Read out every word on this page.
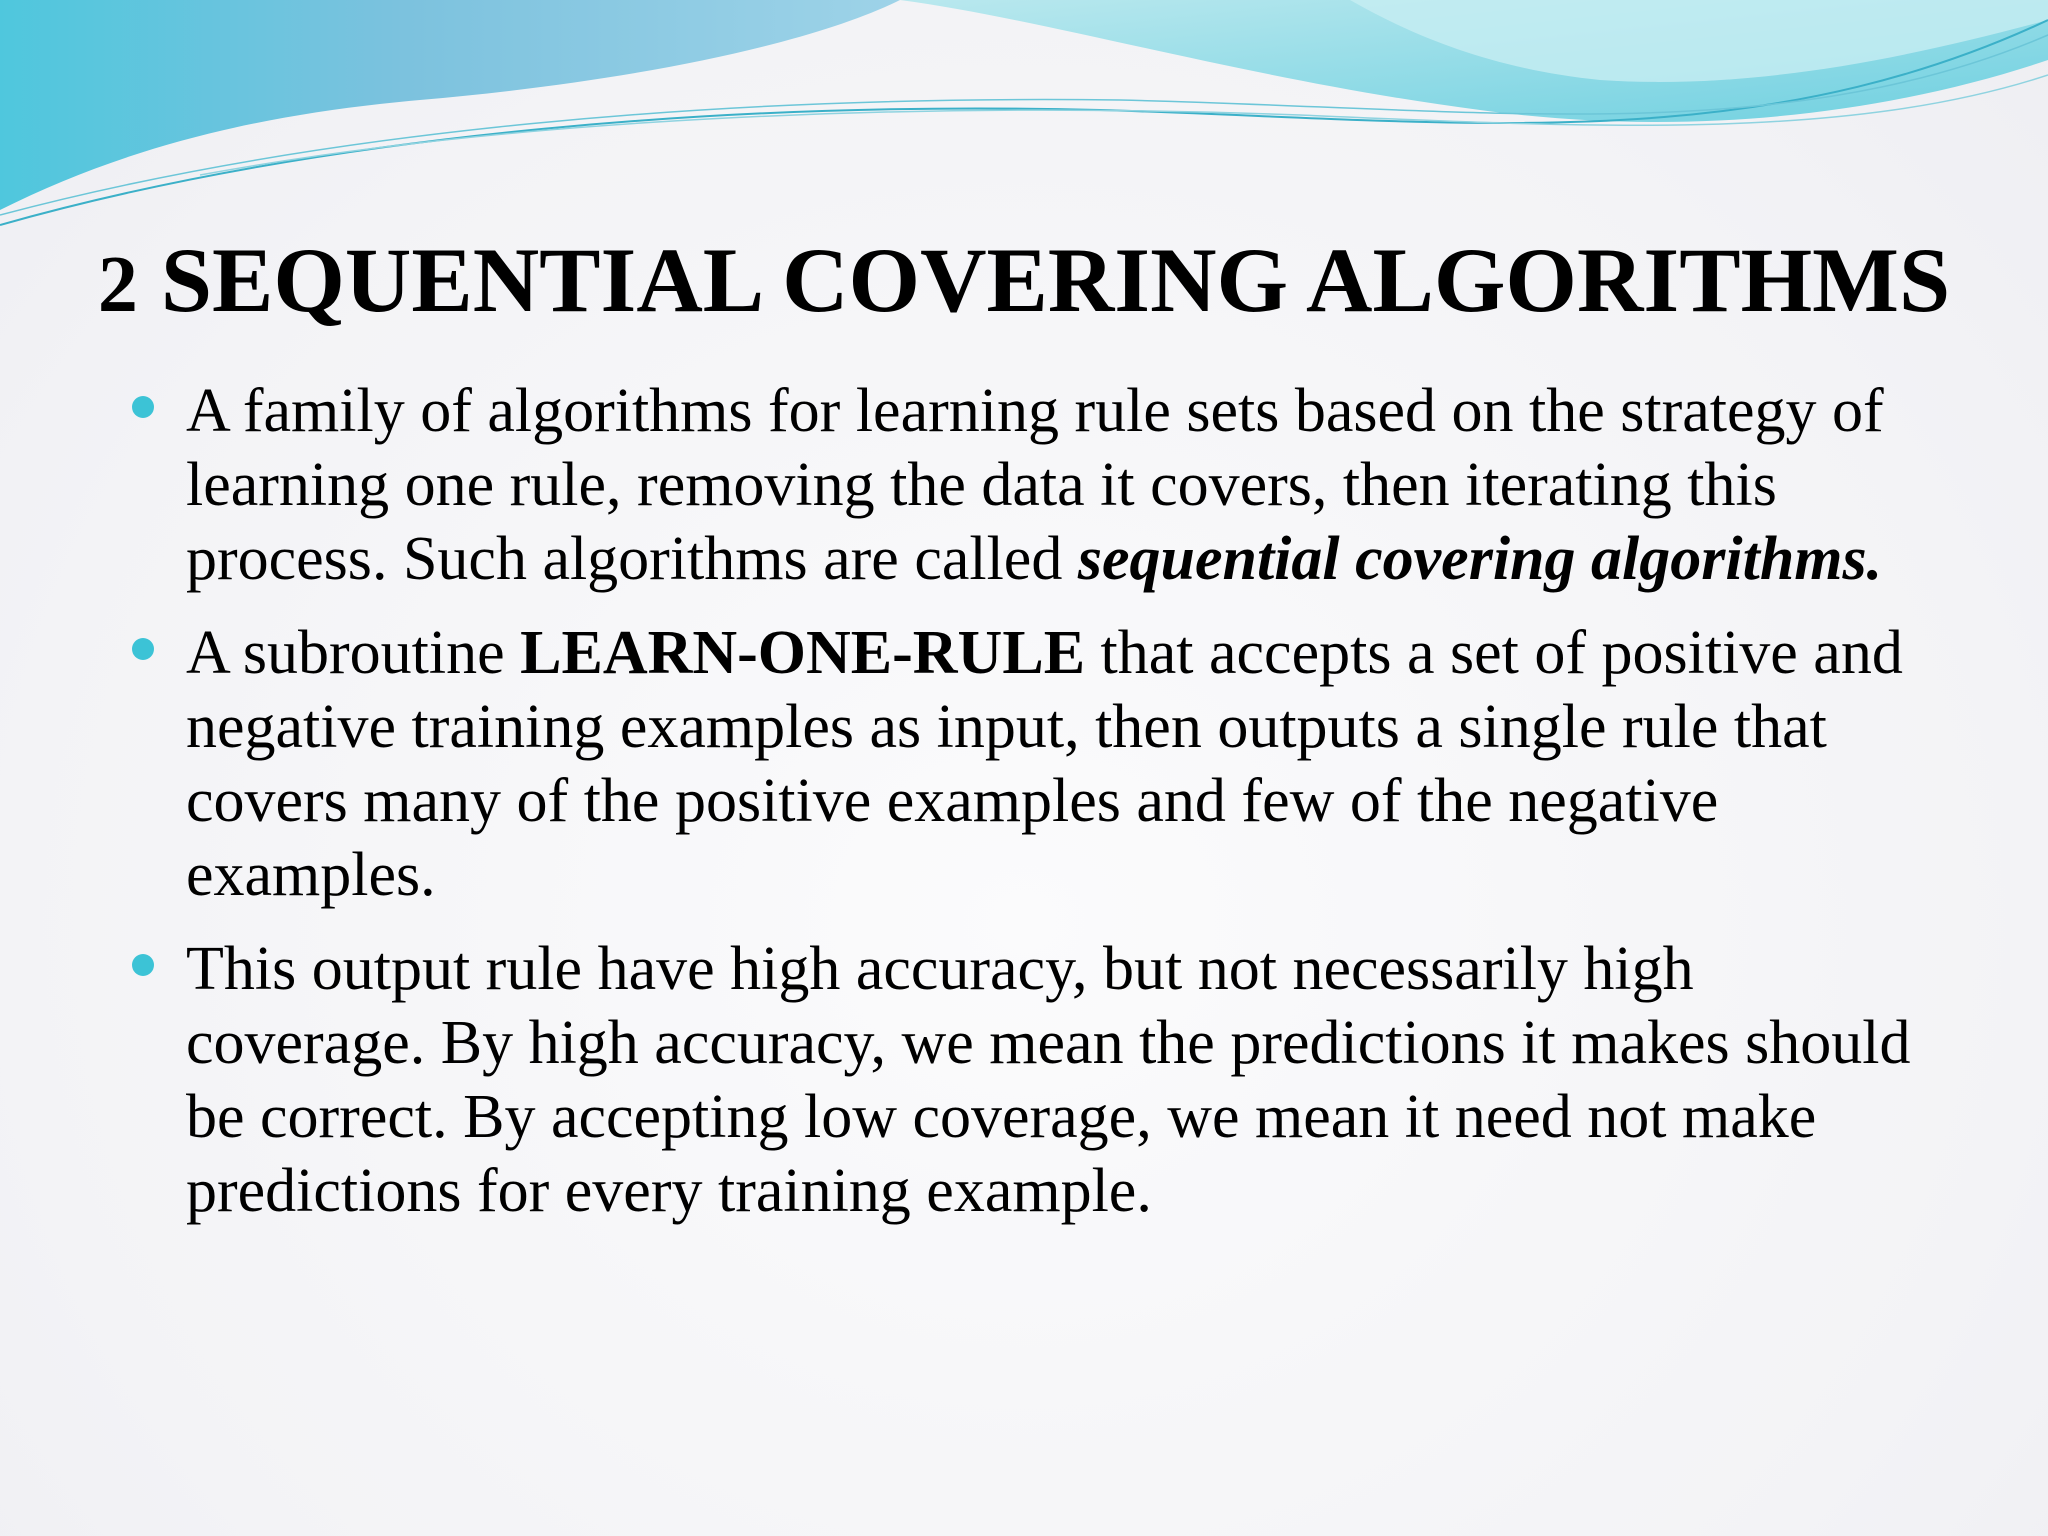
2 SEQUENTIAL COVERING ALGORITHMS
A family of algorithms for learning rule sets based on the strategy of learning one rule, removing the data it covers, then iterating this process. Such algorithms are called sequential covering algorithms.
A subroutine LEARN-ONE-RULE that accepts a set of positive and negative training examples as input, then outputs a single rule that covers many of the positive examples and few of the negative examples.
This output rule have high accuracy, but not necessarily high coverage. By high accuracy, we mean the predictions it makes should be correct. By accepting low coverage, we mean it need not make predictions for every training example.
